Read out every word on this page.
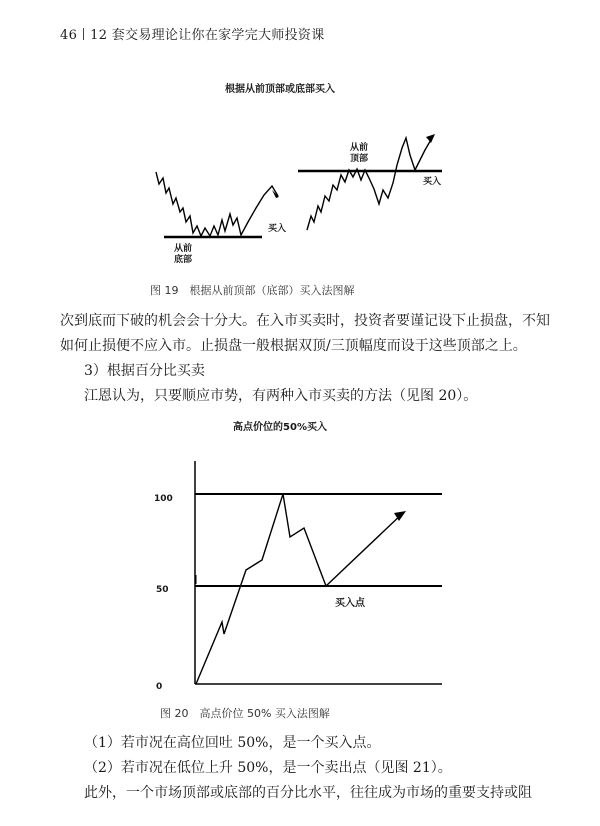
46 12 套交易理论让你在家学完大师投资课
根据从前顶部或底部买入
从前
底部
买入
从前
顶部
买入
图 19　根据从前顶部（底部）买入法图解
次到底而下破的机会会十分大。在入市买卖时，投资者要谨记设下止损盘，不知如何止损便不应入市。止损盘一般根据双顶/三顶幅度而设于这些顶部之上。
3）根据百分比买卖
江恩认为，只要顺应市势，有两种入市买卖的方法（见图 20）。
高点价位的50%买入
100
50
0
买入点
图 20　高点价位 50% 买入法图解
（1）若市况在高位回吐 50%，是一个买入点。
（2）若市况在低位上升 50%，是一个卖出点（见图 21）。
此外，一个市场顶部或底部的百分比水平，往往成为市场的重要支持或阻
